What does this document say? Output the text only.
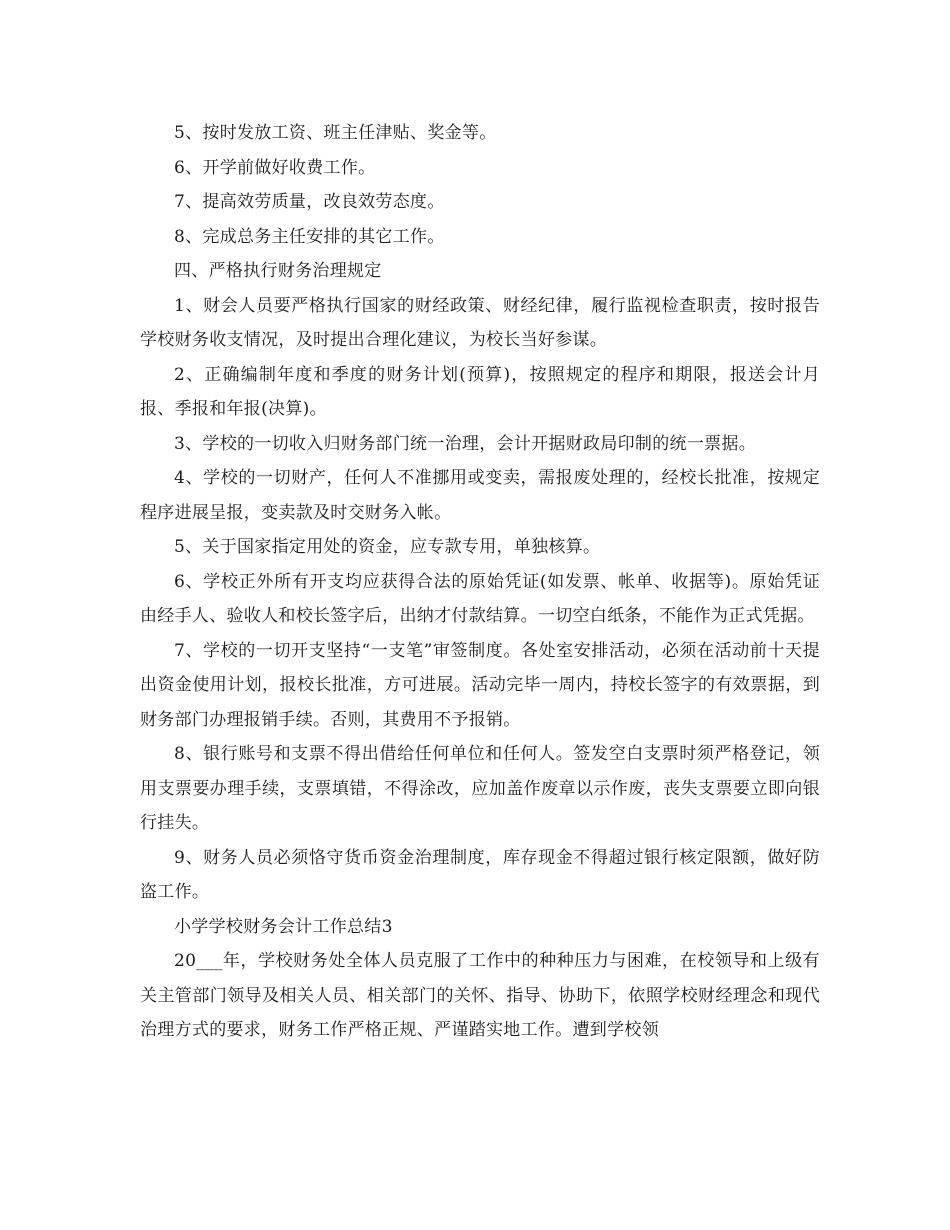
5、按时发放工资、班主任津贴、奖金等。

6、开学前做好收费工作。

7、提高效劳质量，改良效劳态度。

8、完成总务主任安排的其它工作。

四、严格执行财务治理规定

1、财会人员要严格执行国家的财经政策、财经纪律，履行监视检查职责，按时报告学校财务收支情况，及时提出合理化建议，为校长当好参谋。

2、正确编制年度和季度的财务计划(预算)，按照规定的程序和期限，报送会计月报、季报和年报(决算)。

3、学校的一切收入归财务部门统一治理，会计开据财政局印制的统一票据。

4、学校的一切财产，任何人不准挪用或变卖，需报废处理的，经校长批准，按规定程序进展呈报，变卖款及时交财务入帐。

5、关于国家指定用处的资金，应专款专用，单独核算。

6、学校正外所有开支均应获得合法的原始凭证(如发票、帐单、收据等)。原始凭证由经手人、验收人和校长签字后，出纳才付款结算。一切空白纸条，不能作为正式凭据。

7、学校的一切开支坚持“一支笔”审签制度。各处室安排活动，必须在活动前十天提出资金使用计划，报校长批准，方可进展。活动完毕一周内，持校长签字的有效票据，到财务部门办理报销手续。否则，其费用不予报销。

8、银行账号和支票不得出借给任何单位和任何人。签发空白支票时须严格登记，领用支票要办理手续，支票填错，不得涂改，应加盖作废章以示作废，丧失支票要立即向银行挂失。

9、财务人员必须恪守货币资金治理制度，库存现金不得超过银行核定限额，做好防盗工作。

小学学校财务会计工作总结3

20___年，学校财务处全体人员克服了工作中的种种压力与困难，在校领导和上级有关主管部门领导及相关人员、相关部门的关怀、指导、协助下，依照学校财经理念和现代治理方式的要求，财务工作严格正规、严谨踏实地工作。遭到学校领
